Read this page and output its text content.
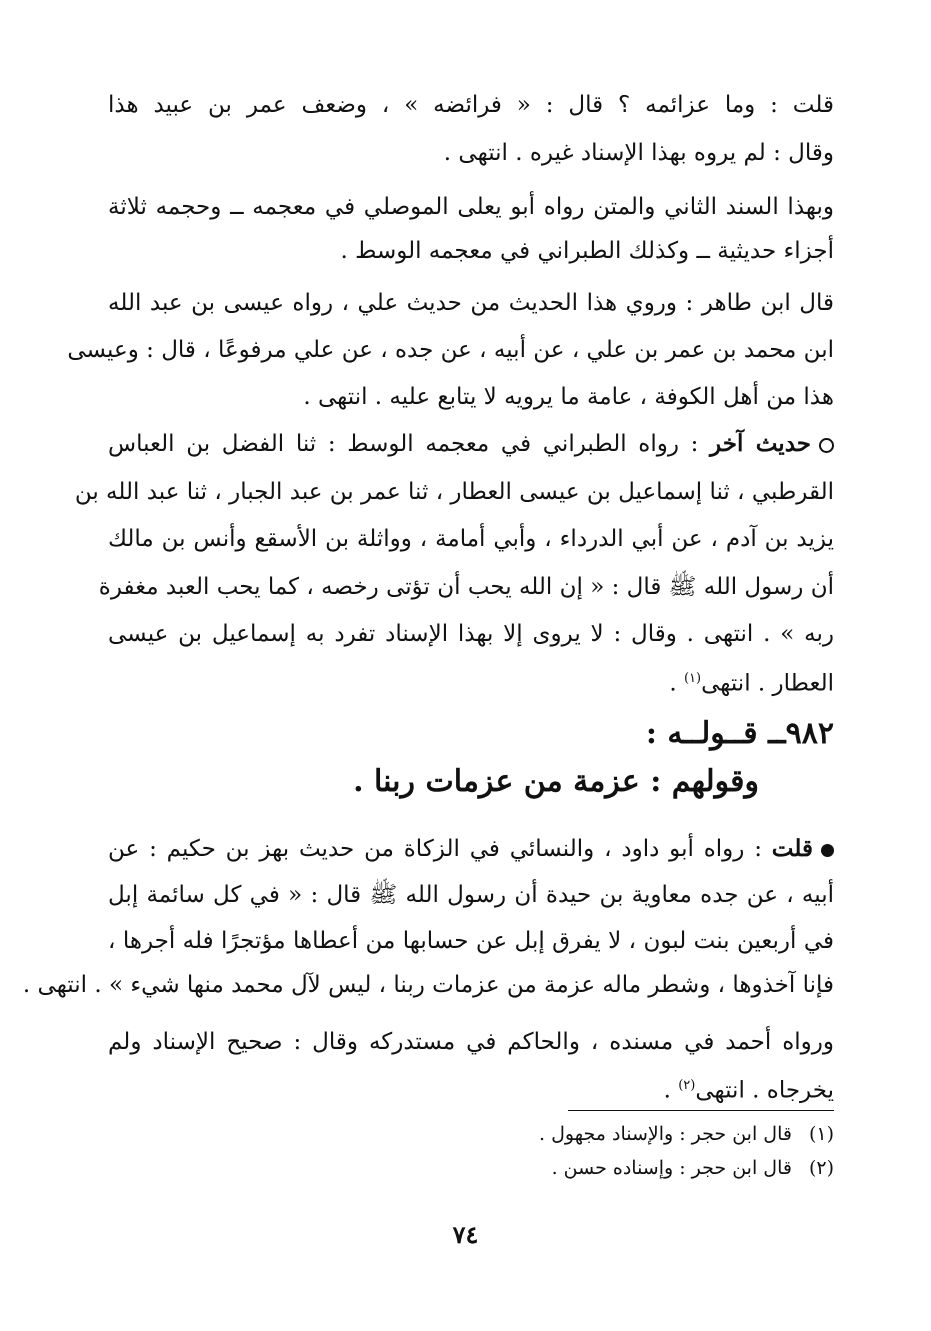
قلت : وما عزائمه ؟ قال : « فرائضه » ، وضعف عمر بن عبيد هذا
وقال : لم يروه بهذا الإسناد غيره . انتهى .
وبهذا السند الثاني والمتن رواه أبو يعلى الموصلي في معجمه ــ وحجمه ثلاثة
أجزاء حديثية ــ وكذلك الطبراني في معجمه الوسط .
قال ابن طاهر : وروي هذا الحديث من حديث علي ، رواه عيسى بن عبد الله
ابن محمد بن عمر بن علي ، عن أبيه ، عن جده ، عن علي مرفوعًا ، قال : وعيسى
هذا من أهل الكوفة ، عامة ما يرويه لا يتابع عليه . انتهى .
حديث آخر : رواه الطبراني في معجمه الوسط : ثنا الفضل بن العباس
القرطبي ، ثنا إسماعيل بن عيسى العطار ، ثنا عمر بن عبد الجبار ، ثنا عبد الله بن
يزيد بن آدم ، عن أبي الدرداء ، وأبي أمامة ، وواثلة بن الأسقع وأنس بن مالك
أن رسول الله ﷺ قال : « إن الله يحب أن تؤتى رخصه ، كما يحب العبد مغفرة
ربه » . انتهى . وقال : لا يروى إلا بهذا الإسناد تفرد به إسماعيل بن عيسى
العطار . انتهى$^{(١)}$ .
قلت : رواه أبو داود ، والنسائي في الزكاة من حديث بهز بن حكيم : عن
أبيه ، عن جده معاوية بن حيدة أن رسول الله ﷺ قال : « في كل سائمة إبل
في أربعين بنت لبون ، لا يفرق إبل عن حسابها من أعطاها مؤتجرًا فله أجرها ،
فإنا آخذوها ، وشطر ماله عزمة من عزمات ربنا ، ليس لآل محمد منها شيء » . انتهى .
ورواه أحمد في مسنده ، والحاكم في مستدركه وقال : صحيح الإسناد ولم
يخرجاه . انتهى$^{(٢)}$ .
٩٨٢ــ قــولــه :
وقولهم : عزمة من عزمات ربنا .
(١) قال ابن حجر : والإسناد مجهول .
(٢) قال ابن حجر : وإسناده حسن .
٧٤
